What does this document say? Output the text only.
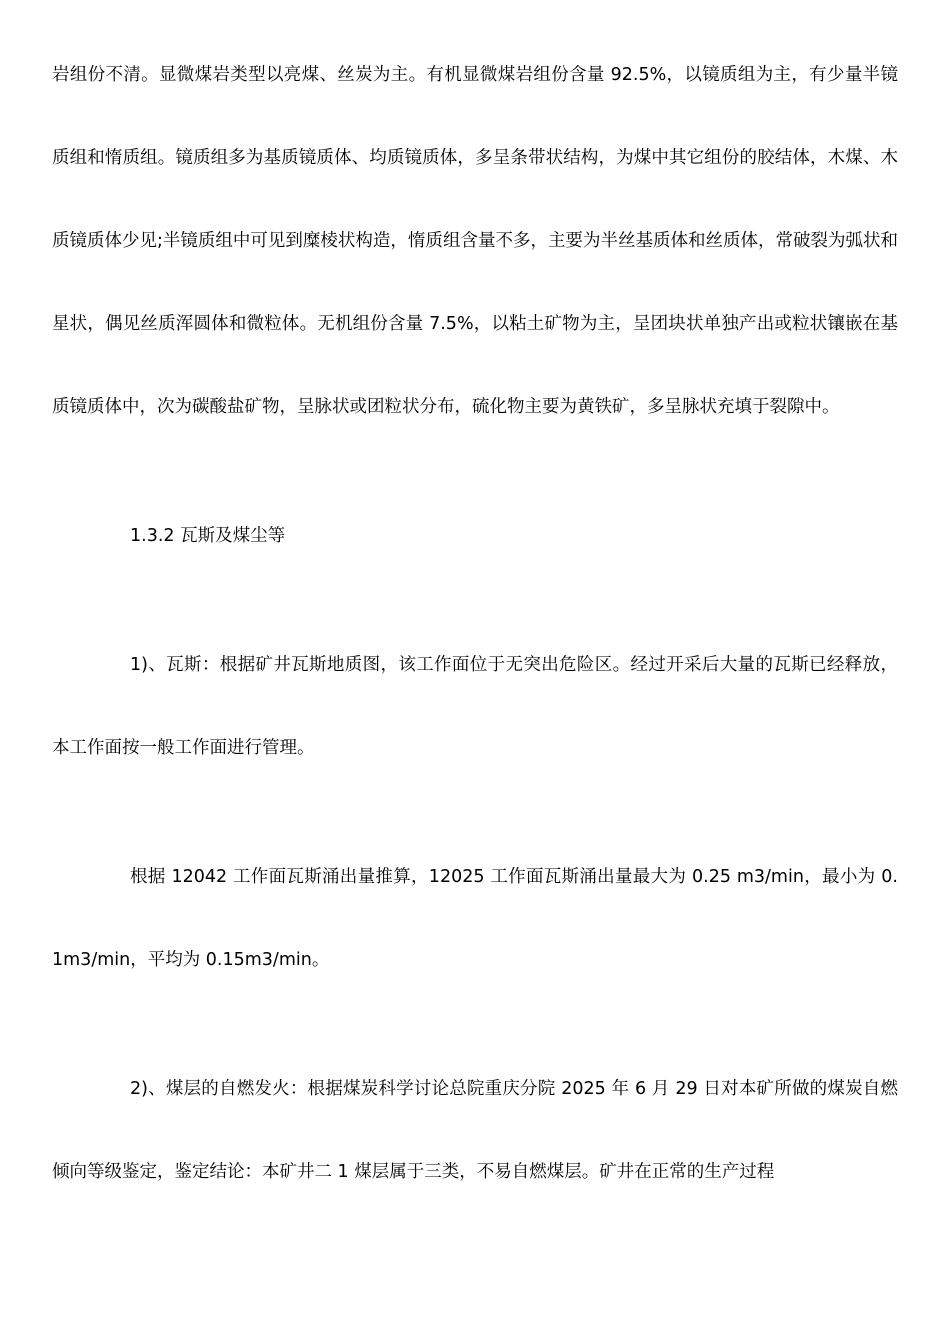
岩组份不清。显微煤岩类型以亮煤、丝炭为主。有机显微煤岩组份含量 92.5%，以镜质组为主，有少量半镜质组和惰质组。镜质组多为基质镜质体、均质镜质体，多呈条带状结构，为煤中其它组份的胶结体，木煤、木质镜质体少见;半镜质组中可见到糜棱状构造，惰质组含量不多，主要为半丝基质体和丝质体，常破裂为弧状和星状，偶见丝质浑圆体和微粒体。无机组份含量 7.5%，以粘土矿物为主，呈团块状单独产出或粒状镶嵌在基质镜质体中，次为碳酸盐矿物，呈脉状或团粒状分布，硫化物主要为黄铁矿，多呈脉状充填于裂隙中。

1.3.2 瓦斯及煤尘等

1)、瓦斯：根据矿井瓦斯地质图，该工作面位于无突出危险区。经过开采后大量的瓦斯已经释放，本工作面按一般工作面进行管理。

根据 12042 工作面瓦斯涌出量推算，12025 工作面瓦斯涌出量最大为 0.25 m3/min，最小为 0.1m3/min，平均为 0.15m3/min。

2)、煤层的自燃发火：根据煤炭科学讨论总院重庆分院 2025 年 6 月 29 日对本矿所做的煤炭自燃倾向等级鉴定，鉴定结论：本矿井二 1 煤层属于三类，不易自燃煤层。矿井在正常的生产过程
